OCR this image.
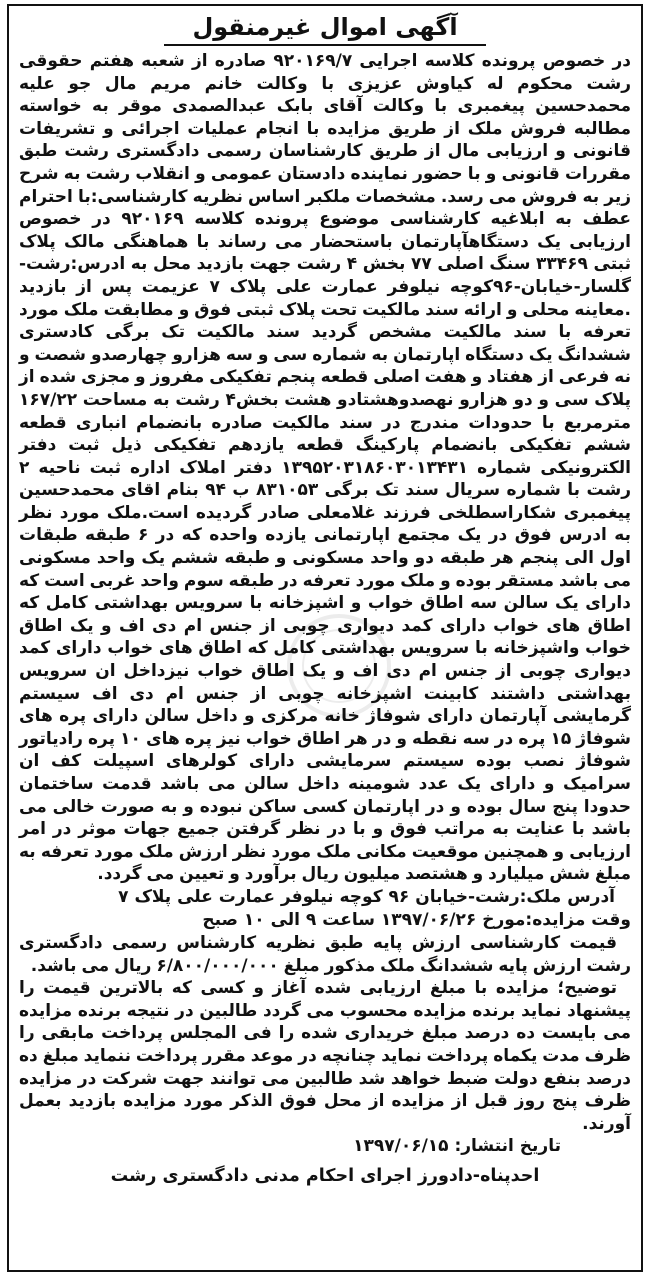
آگهی اموال غیرمنقول

در خصوص پرونده کلاسه اجرایی ۹۲۰۱۶۹/۷ صادره از شعبه هفتم حقوقی رشت محکوم له کیاوش عزیزی با وکالت خانم مریم مال جو علیه محمدحسین پیغمبری با وکالت آقای بابک عبدالصمدی موقر به خواسته مطالبه فروش ملک از طریق مزایده با انجام عملیات اجرائی و تشریفات قانونی و ارزیابی مال از طریق کارشناسان رسمی دادگستری رشت طبق مقررات قانونی و با حضور نماینده دادستان عمومی و انقلاب رشت به شرح زیر به فروش می رسد. مشخصات ملکبر اساس نظریه کارشناسی:با احترام عطف به ابلاغیه کارشناسی موضوع پرونده کلاسه ۹۲۰۱۶۹ در خصوص ارزیابی یک دستگاهآپارتمان باستحضار می رساند با هماهنگی مالک پلاک ثبتی ۳۳۴۶۹ سنگ اصلی ۷۷ بخش ۴ رشت جهت بازدید محل به ادرس:رشت-گلسار-خیابان-۹۶کوچه نیلوفر عمارت علی پلاک ۷ عزیمت پس از بازدید .معاینه محلی و ارائه سند مالکیت تحت پلاک ثبتی فوق و مطابقت ملک مورد تعرفه با سند مالکیت مشخص گردید سند مالکیت تک برگی کادستری ششدانگ یک دستگاه اپارتمان به شماره سی و سه هزارو چهارصدو شصت و نه فرعی از هفتاد و هفت اصلی قطعه پنجم تفکیکی مفروز و مجزی شده از پلاک سی و دو هزارو نهصدوهشتادو هشت بخش۴ رشت به مساحت ۱۶۷/۲۲ مترمربع با حدودات مندرج در سند مالکیت صادره بانضمام انباری قطعه ششم تفکیکی بانضمام پارکینگ قطعه یازدهم تفکیکی ذیل ثبت دفتر الکترونیکی شماره ۱۳۹۵۲۰۳۱۸۶۰۳۰۱۳۴۳۱ دفتر املاک اداره ثبت ناحیه ۲ رشت با شماره سریال سند تک برگی ۸۳۱۰۵۳ ب ۹۴ بنام اقای محمدحسین پیغمبری شکاراسطلخی فرزند غلامعلی صادر گردیده است.ملک مورد نظر به ادرس فوق در یک مجتمع اپارتمانی یازده واحده که در ۶ طبقه طبقات اول الی پنجم هر طبقه دو واحد مسکونی و طبقه ششم یک واحد مسکونی می باشد مستقر بوده و ملک مورد تعرفه در طبقه سوم واحد غربی است که دارای یک سالن سه اطاق خواب و اشپزخانه با سرویس بهداشتی کامل که اطاق های خواب دارای کمد دیواری چوبی از جنس ام دی اف و یک اطاق خواب واشپزخانه با سرویس بهداشتی کامل که اطاق های خواب دارای کمد دیواری چوبی از جنس ام دی اف و یک اطاق خواب نیزداخل ان سرویس بهداشتی داشتند کابینت اشپزخانه چوبی از جنس ام دی اف سیستم گرمایشی آپارتمان دارای شوفاژ خانه مرکزی و داخل سالن دارای پره های شوفاژ ۱۵ پره در سه نقطه و در هر اطاق خواب نیز پره های ۱۰ پره رادیاتور شوفاژ نصب بوده سیستم سرمایشی دارای کولرهای اسپیلت کف ان سرامیک و دارای یک عدد شومینه داخل سالن می باشد قدمت ساختمان حدودا پنج سال بوده و در اپارتمان کسی ساکن نبوده و به صورت خالی می باشد با عنایت به مراتب فوق و با در نظر گرفتن جمیع جهات موثر در امر ارزیابی و همچنین موقعیت مکانی ملک مورد نظر ارزش ملک مورد تعرفه به مبلغ شش میلیارد و هشتصد میلیون ریال برآورد و تعیین می گردد.

آدرس ملک:رشت-خیابان ۹۶ کوچه نیلوفر عمارت علی پلاک ۷

وقت مزایده:مورخ ۱۳۹۷/۰۶/۲۶ ساعت ۹ الی ۱۰ صبح

قیمت کارشناسی ارزش پایه طبق نظریه کارشناس رسمی دادگستری رشت ارزش پایه ششدانگ ملک مذکور مبلغ ۶/۸۰۰/۰۰۰/۰۰۰ ریال می باشد.

توضیح؛ مزایده با مبلغ ارزیابی شده آغاز و کسی که بالاترین قیمت را پیشنهاد نماید برنده مزایده محسوب می گردد طالبین در نتیجه برنده مزایده می بایست ده درصد مبلغ خریداری شده را فی المجلس پرداخت مابقی را ظرف مدت یکماه پرداخت نماید چنانچه در موعد مقرر پرداخت ننماید مبلغ ده درصد بنفع دولت ضبط خواهد شد طالبین می توانند جهت شرکت در مزایده ظرف پنج روز قبل از مزایده از محل فوق الذکر مورد مزایده بازدید بعمل آورند.

تاریخ انتشار: ۱۳۹۷/۰۶/۱۵

احدپناه-دادورز اجرای احکام مدنی دادگستری رشت
